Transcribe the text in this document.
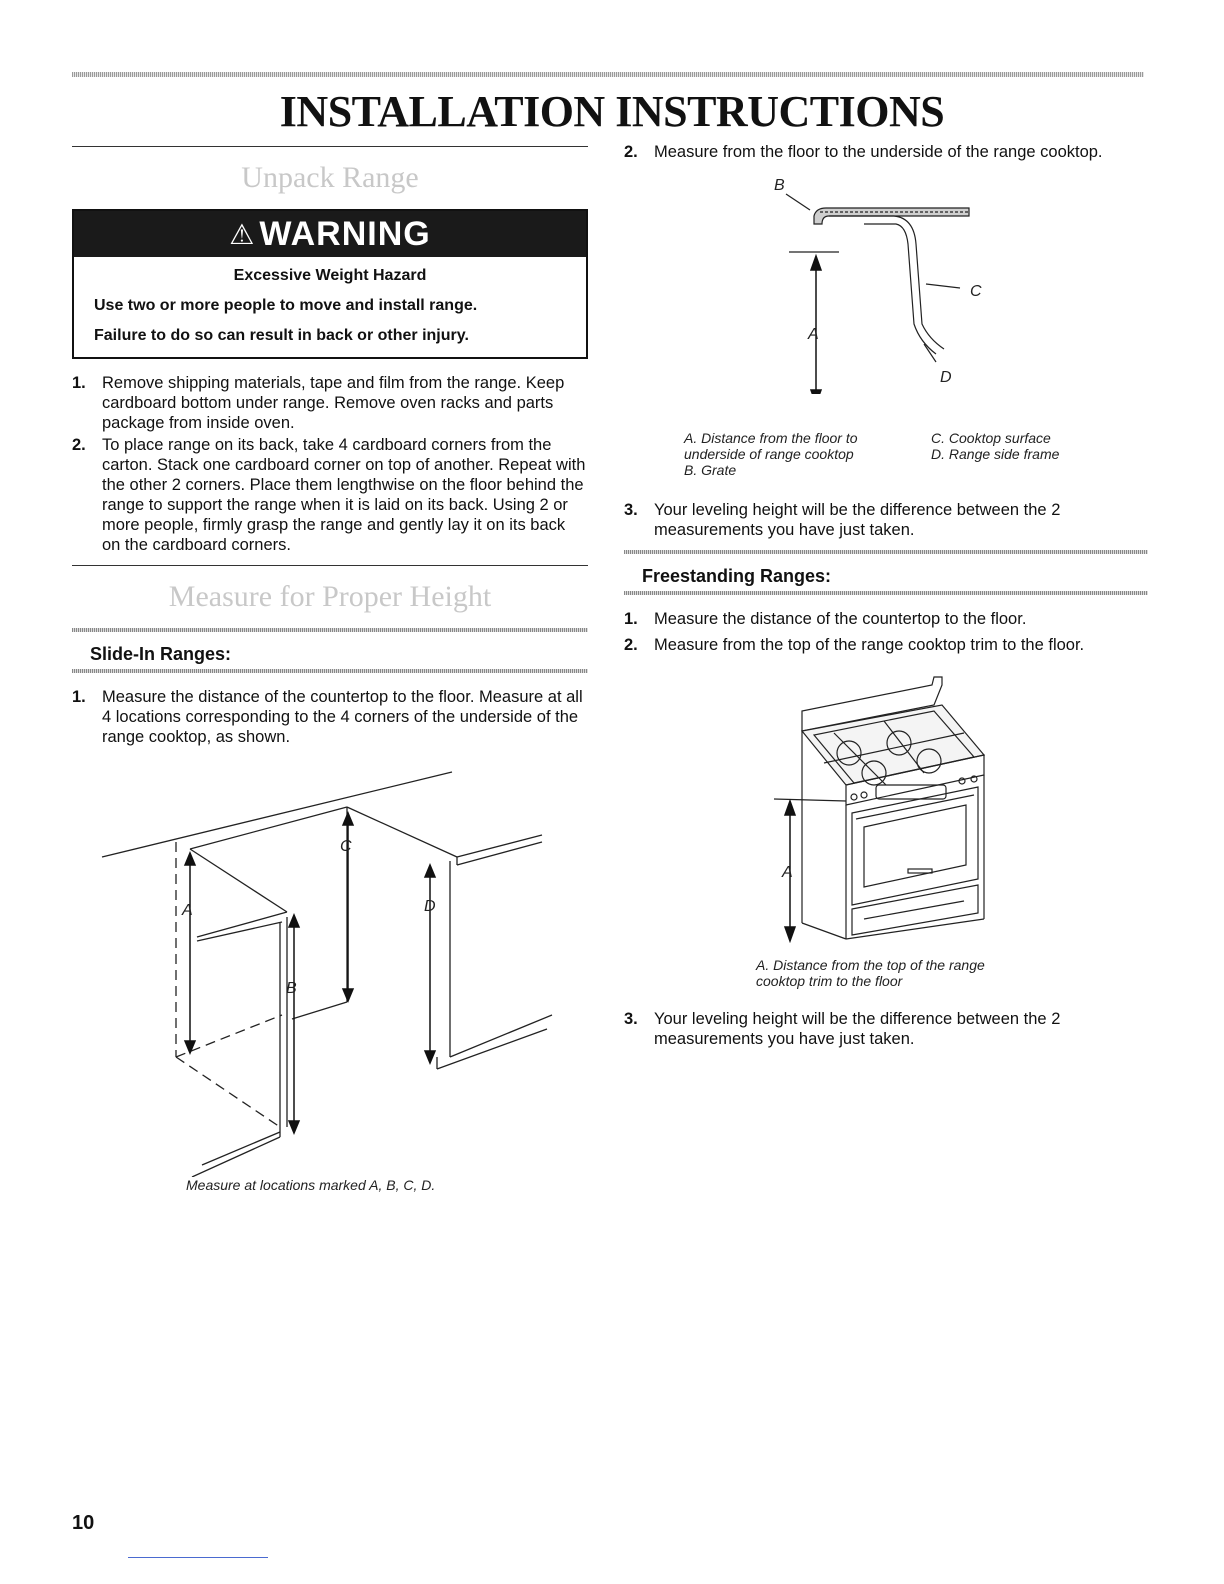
INSTALLATION INSTRUCTIONS
Unpack Range
⚠ WARNING
Excessive Weight Hazard

Use two or more people to move and install range.

Failure to do so can result in back or other injury.

1. Remove shipping materials, tape and film from the range. Keep cardboard bottom under range. Remove oven racks and parts package from inside oven.
2. To place range on its back, take 4 cardboard corners from the carton. Stack one cardboard corner on top of another. Repeat with the other 2 corners. Place them lengthwise on the floor behind the range to support the range when it is laid on its back. Using 2 or more people, firmly grasp the range and gently lay it on its back on the cardboard corners.
Measure for Proper Height
Slide-In Ranges:
1. Measure the distance of the countertop to the floor. Measure at all 4 locations corresponding to the 4 corners of the underside of the range cooktop, as shown.
A
B
C
D
Measure at locations marked A, B, C, D.
2. Measure from the floor to the underside of the range cooktop.
B
C
A
D
A. Distance from the floor to underside of range cooktop
B. Grate
C. Cooktop surface
D. Range side frame
3. Your leveling height will be the difference between the 2 measurements you have just taken.
Freestanding Ranges:
1. Measure the distance of the countertop to the floor.
2. Measure from the top of the range cooktop trim to the floor.
A
A. Distance from the top of the range cooktop trim to the floor
3. Your leveling height will be the difference between the 2 measurements you have just taken.
10
